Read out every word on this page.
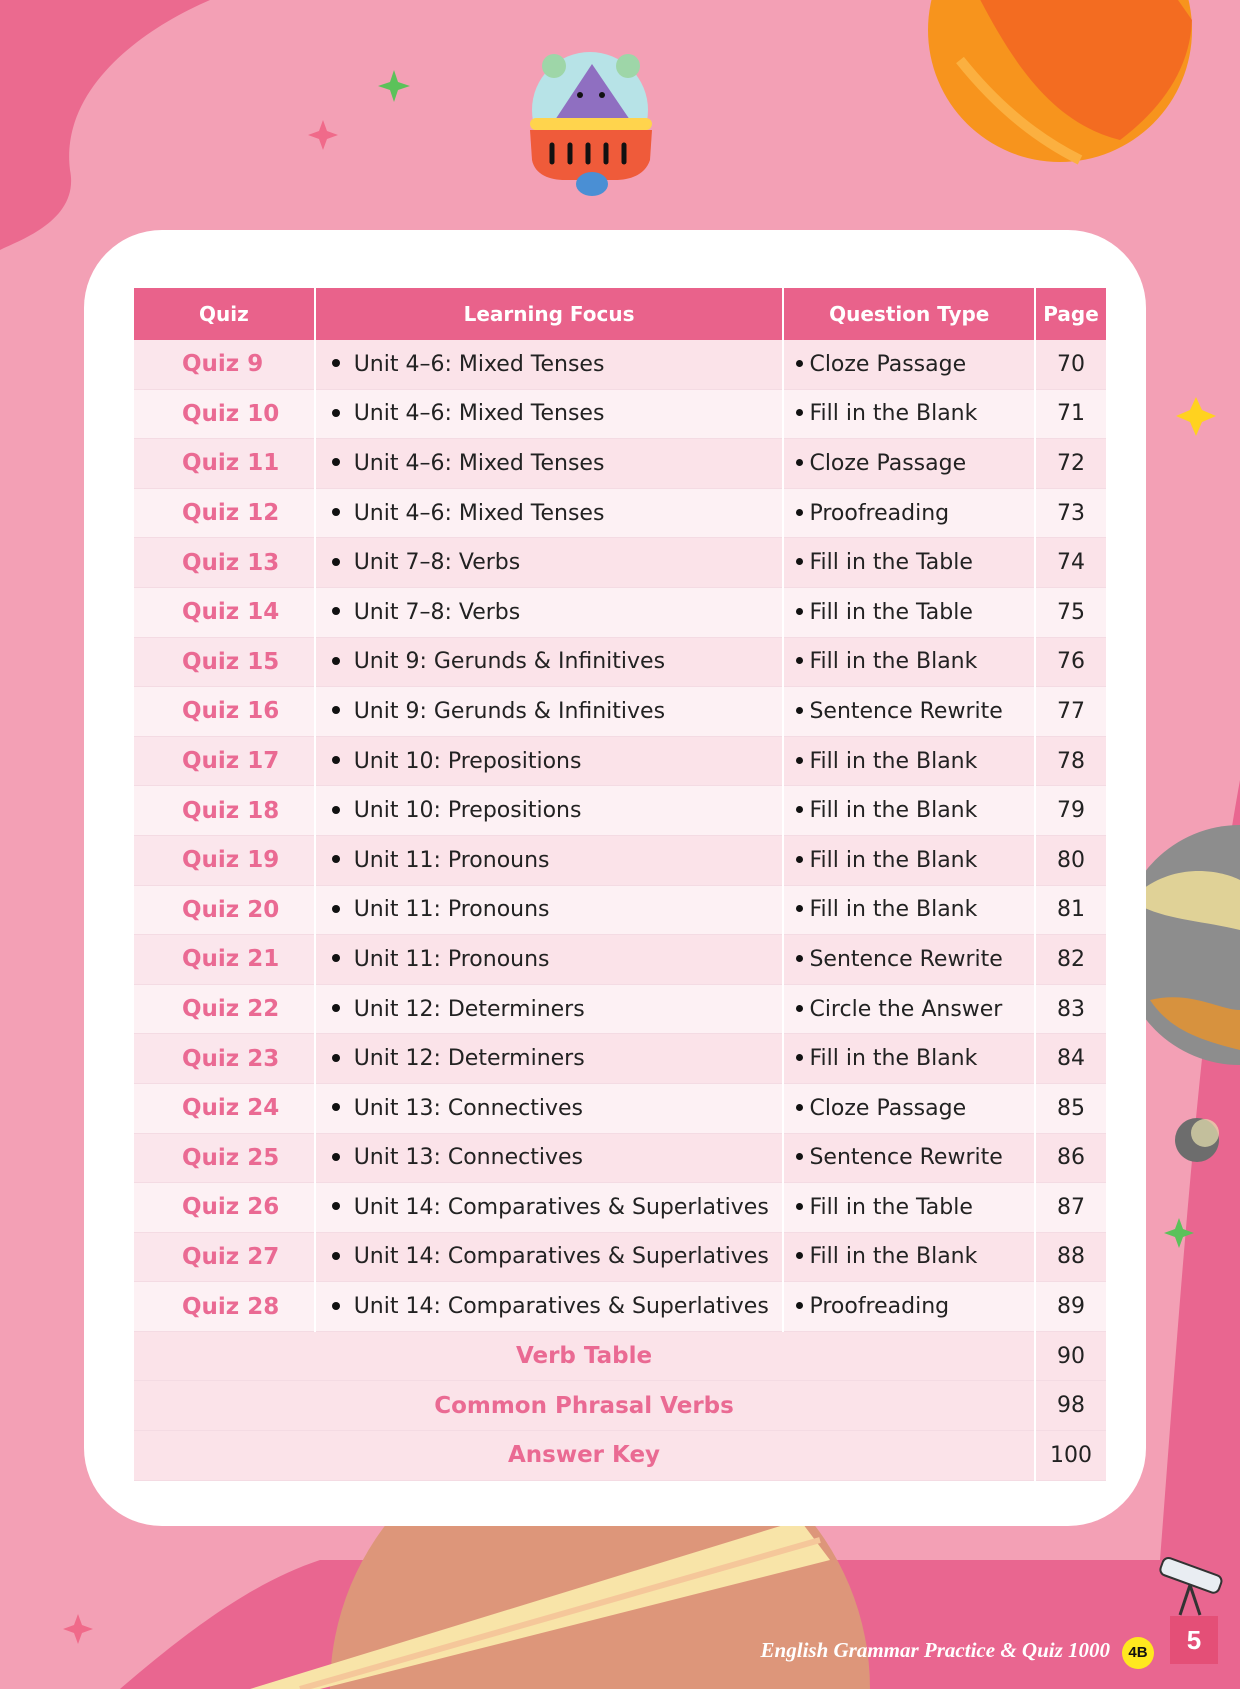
Quiz	Learning Focus	Question Type	Page
Quiz 9	Unit 4–6: Mixed Tenses	Cloze Passage	70
Quiz 10	Unit 4–6: Mixed Tenses	Fill in the Blank	71
Quiz 11	Unit 4–6: Mixed Tenses	Cloze Passage	72
Quiz 12	Unit 4–6: Mixed Tenses	Proofreading	73
Quiz 13	Unit 7–8: Verbs	Fill in the Table	74
Quiz 14	Unit 7–8: Verbs	Fill in the Table	75
Quiz 15	Unit 9: Gerunds & Infinitives	Fill in the Blank	76
Quiz 16	Unit 9: Gerunds & Infinitives	Sentence Rewrite	77
Quiz 17	Unit 10: Prepositions	Fill in the Blank	78
Quiz 18	Unit 10: Prepositions	Fill in the Blank	79
Quiz 19	Unit 11: Pronouns	Fill in the Blank	80
Quiz 20	Unit 11: Pronouns	Fill in the Blank	81
Quiz 21	Unit 11: Pronouns	Sentence Rewrite	82
Quiz 22	Unit 12: Determiners	Circle the Answer	83
Quiz 23	Unit 12: Determiners	Fill in the Blank	84
Quiz 24	Unit 13: Connectives	Cloze Passage	85
Quiz 25	Unit 13: Connectives	Sentence Rewrite	86
Quiz 26	Unit 14: Comparatives & Superlatives	Fill in the Table	87
Quiz 27	Unit 14: Comparatives & Superlatives	Fill in the Blank	88
Quiz 28	Unit 14: Comparatives & Superlatives	Proofreading	89
Verb Table			90
Common Phrasal Verbs			98
Answer Key			100
English Grammar Practice & Quiz 1000	4B	5
